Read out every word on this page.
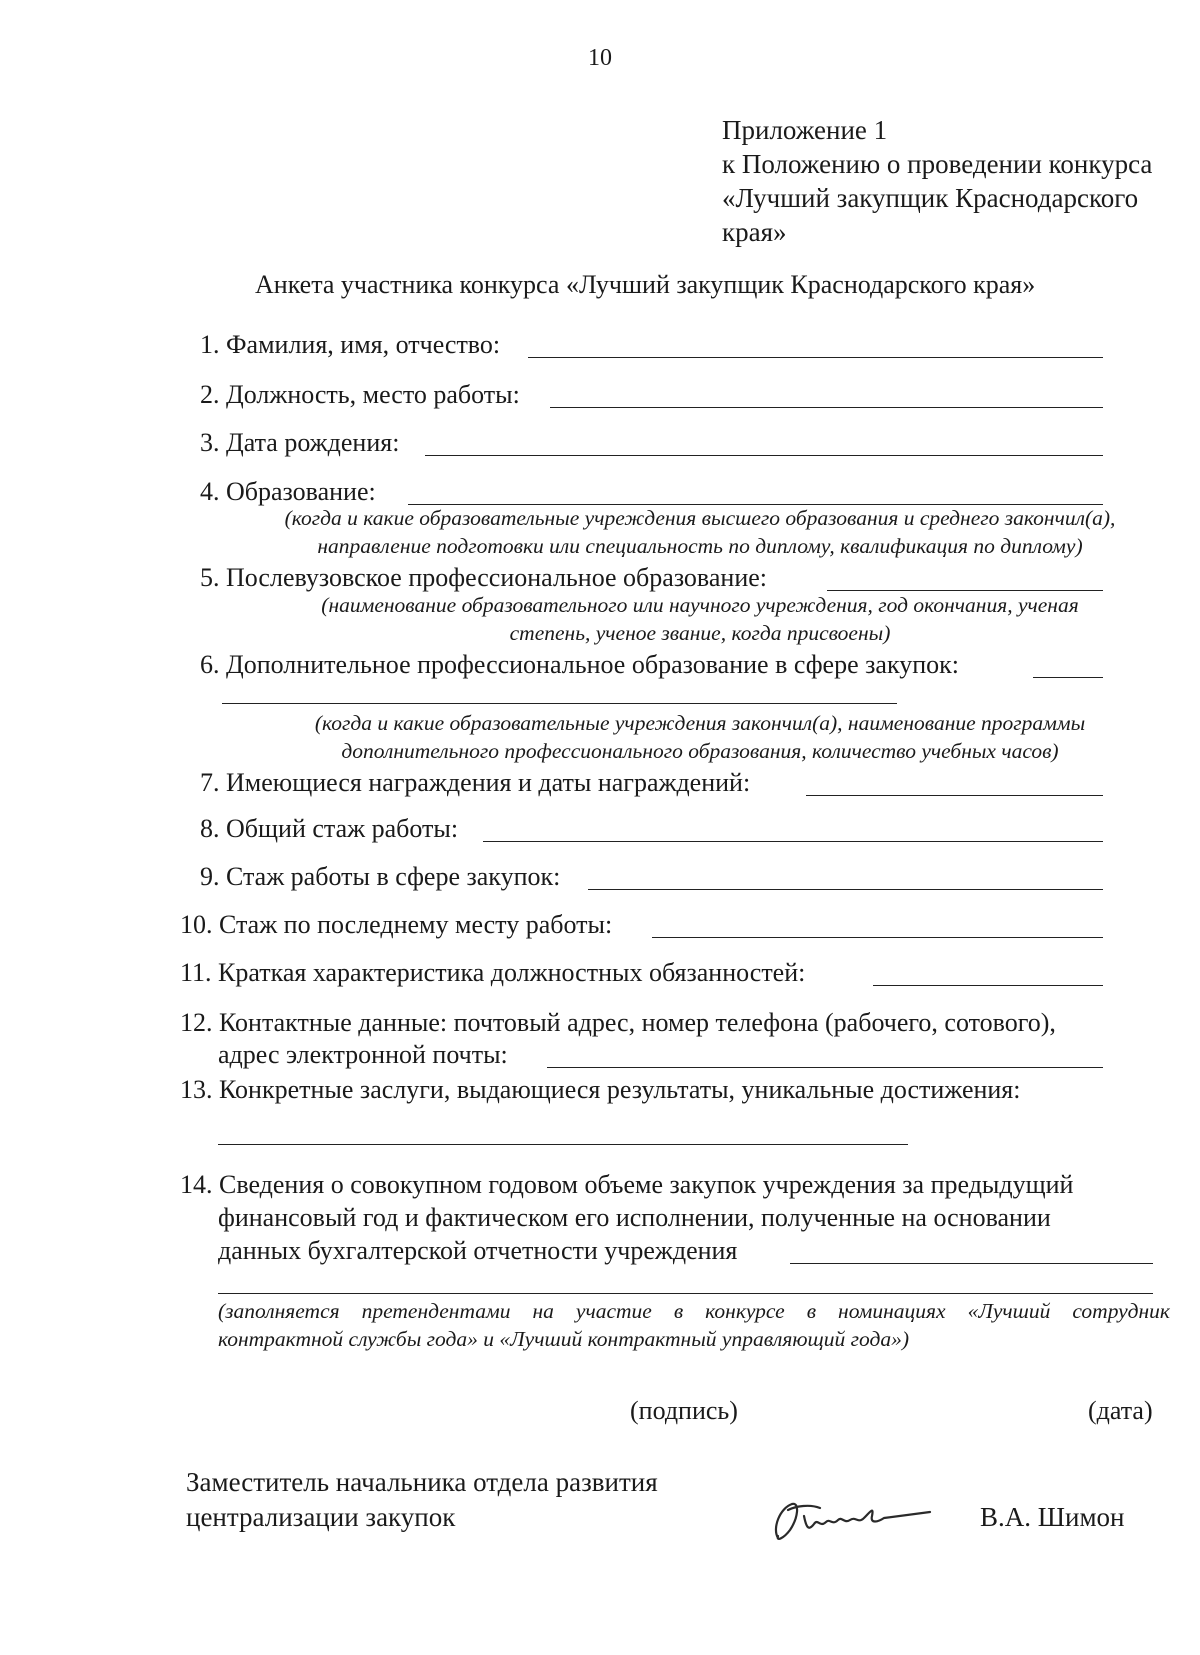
10
Приложение 1
к Положению о проведении конкурса
«Лучший закупщик Краснодарского
края»
Анкета участника конкурса «Лучший закупщик Краснодарского края»
1. Фамилия, имя, отчество:
2. Должность, место работы:
3. Дата рождения:
4. Образование:
(когда и какие образовательные учреждения высшего образования и среднего закончил(а),
направление подготовки или специальность по диплому, квалификация по диплому)
5. Послевузовское профессиональное образование:
(наименование образовательного или научного учреждения, год окончания, ученая
степень, ученое звание, когда присвоены)
6. Дополнительное профессиональное образование в сфере закупок:
(когда и какие образовательные учреждения закончил(а), наименование программы
дополнительного профессионального образования, количество учебных часов)
7. Имеющиеся награждения и даты награждений:
8. Общий стаж работы:
9. Стаж работы в сфере закупок:
10. Стаж по последнему месту работы:
11. Краткая характеристика должностных обязанностей:
12. Контактные данные: почтовый адрес, номер телефона (рабочего, сотового),
адрес электронной почты:
13. Конкретные заслуги, выдающиеся результаты, уникальные достижения:
14. Сведения о совокупном годовом объеме закупок учреждения за предыдущий
финансовый год и фактическом его исполнении, полученные на основании
данных бухгалтерской отчетности учреждения
(заполняется претендентами на участие в конкурсе в номинациях «Лучший сотрудник
контрактной службы года» и «Лучший контрактный управляющий года»)
(подпись)	(дата)
Заместитель начальника отдела развития
централизации закупок	В.А. Шимон
